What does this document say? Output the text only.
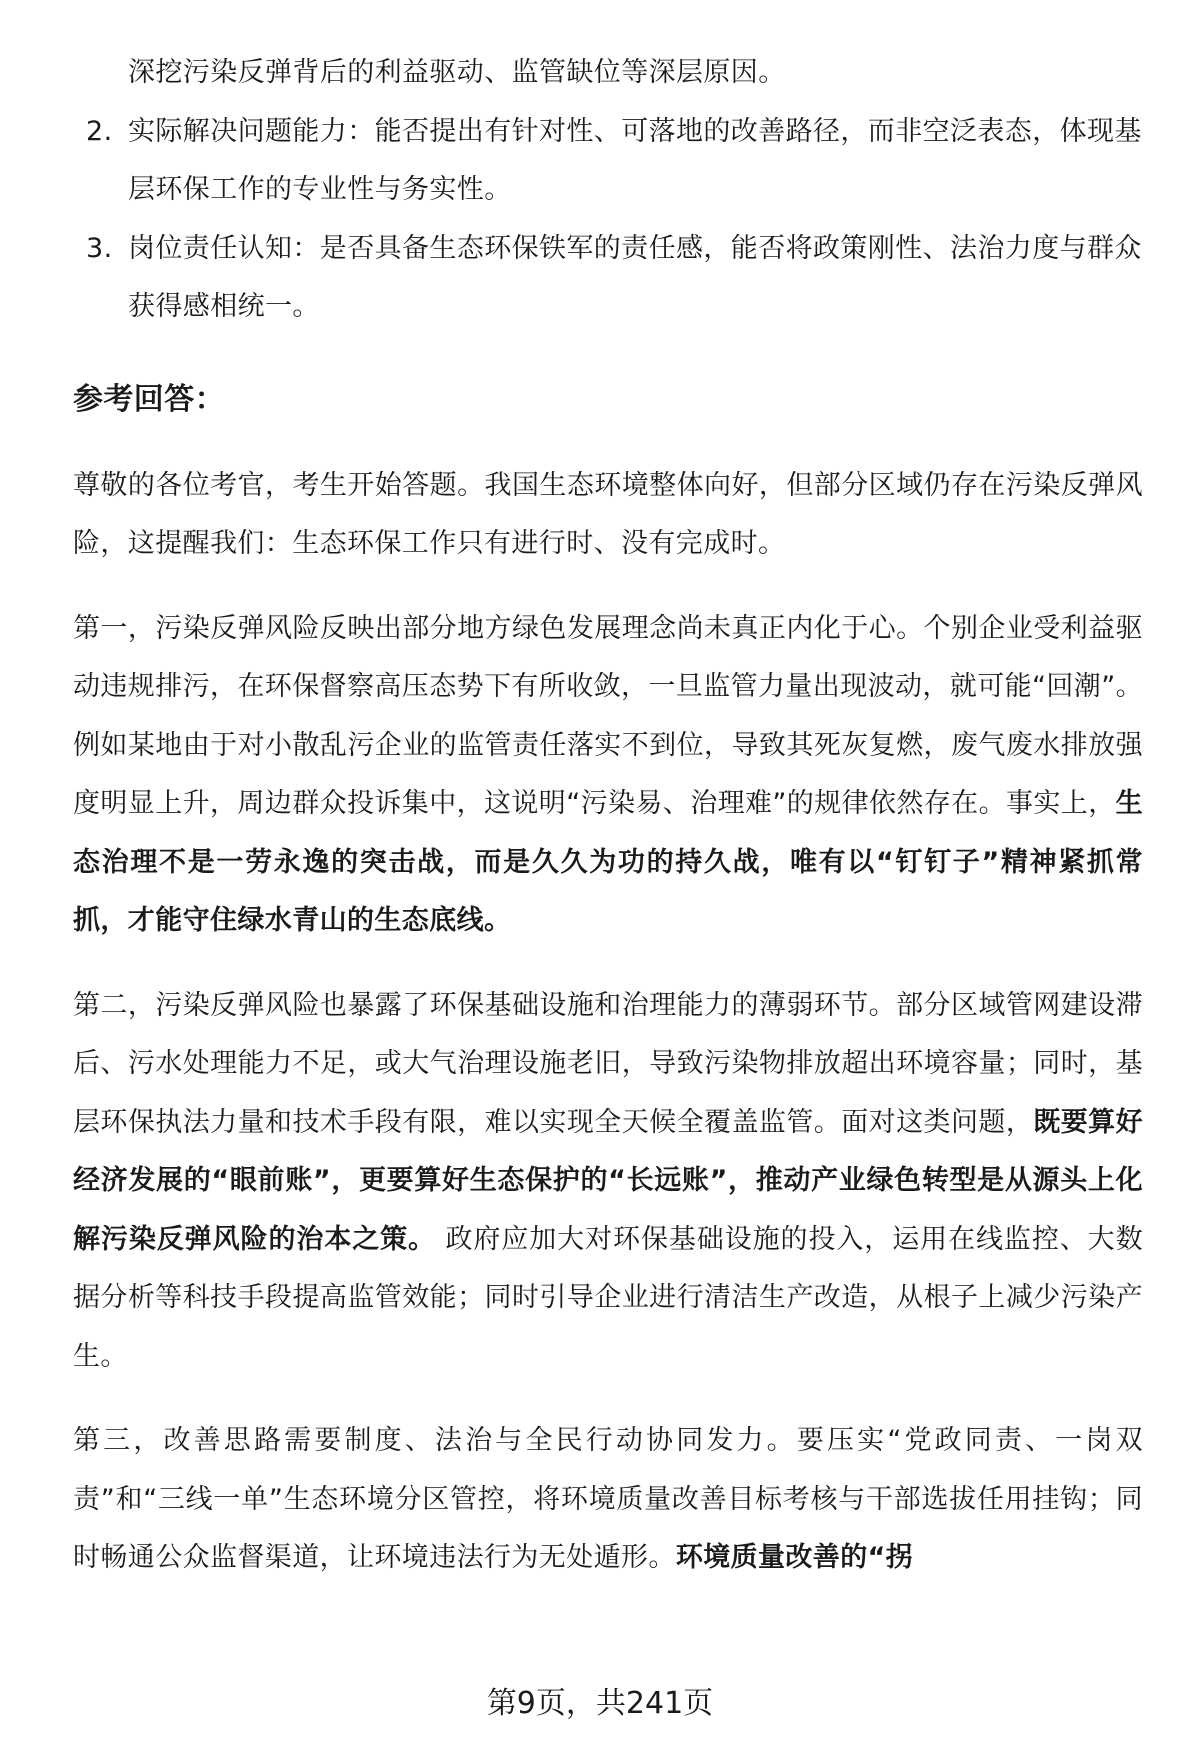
深挖污染反弹背后的利益驱动、监管缺位等深层原因。

2. 实际解决问题能力：能否提出有针对性、可落地的改善路径，而非空泛表态，体现基层环保工作的专业性与务实性。
3. 岗位责任认知：是否具备生态环保铁军的责任感，能否将政策刚性、法治力度与群众获得感相统一。
参考回答：

尊敬的各位考官，考生开始答题。我国生态环境整体向好，但部分区域仍存在污染反弹风险，这提醒我们：生态环保工作只有进行时、没有完成时。

第一，污染反弹风险反映出部分地方绿色发展理念尚未真正内化于心。个别企业受利益驱动违规排污，在环保督察高压态势下有所收敛，一旦监管力量出现波动，就可能“回潮”。例如某地由于对小散乱污企业的监管责任落实不到位，导致其死灰复燃，废气废水排放强度明显上升，周边群众投诉集中，这说明“污染易、治理难”的规律依然存在。事实上，生态治理不是一劳永逸的突击战，而是久久为功的持久战，唯有以“钉钉子”精神紧抓常抓，才能守住绿水青山的生态底线。

第二，污染反弹风险也暴露了环保基础设施和治理能力的薄弱环节。部分区域管网建设滞后、污水处理能力不足，或大气治理设施老旧，导致污染物排放超出环境容量；同时，基层环保执法力量和技术手段有限，难以实现全天候全覆盖监管。面对这类问题，既要算好经济发展的“眼前账”，更要算好生态保护的“长远账”，推动产业绿色转型是从源头上化解污染反弹风险的治本之策。 政府应加大对环保基础设施的投入，运用在线监控、大数据分析等科技手段提高监管效能；同时引导企业进行清洁生产改造，从根子上减少污染产生。

第三，改善思路需要制度、法治与全民行动协同发力。要压实“党政同责、一岗双责”和“三线一单”生态环境分区管控，将环境质量改善目标考核与干部选拔任用挂钩；同时畅通公众监督渠道，让环境违法行为无处遁形。环境质量改善的“拐

第9页，共241页
